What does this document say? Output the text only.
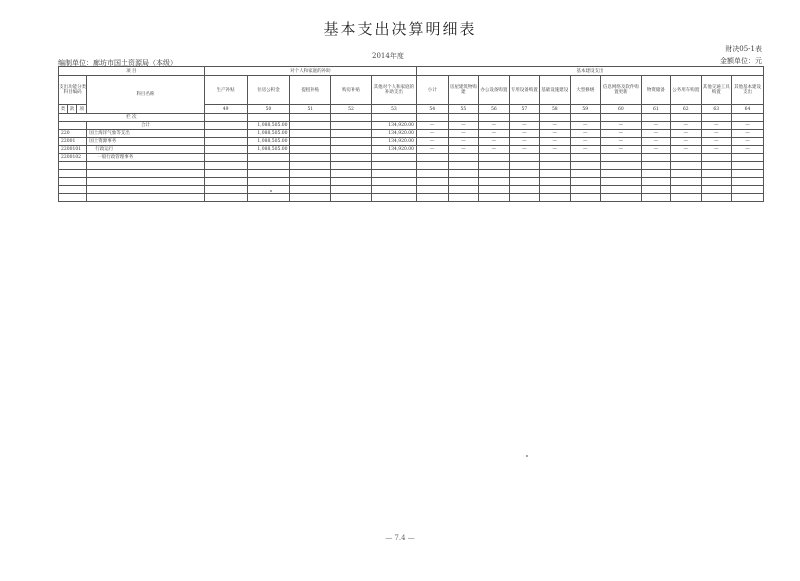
基本支出决算明细表
2014年度
编制单位：廊坊市国土资源局（本级）
财决05-1表
金额单位：元
项 目				对个人和家庭的补助					基本建设支出										
支出功能分类科目编码			科目名称	生产补贴	住房公积金	提租补贴	购房补贴	其他对个人和家庭的补助支出	小计	房屋建筑物购建	办公设备购置	专用设备购置	基础设施建设	大型修缮	信息网络及软件购置更新	物资储备	公务用车购置	其他交通工具购置	其他基本建设支出
类	款	项		49	50	51	52	53	54	55	56	57	58	59	60	61	62	63	64
栏 次																			
			合计		1,088,505.00			134,920.00	—	—	—	—	—	—	—	—	—	—	—
220			国土海洋气象等支出		1,088,505.00			134,920.00	—	—	—	—	—	—	—	—	—	—	—
22001			国土资源事务		1,088,505.00			134,920.00	—	—	—	—	—	—	—	—	—	—	—
2200101			行政运行		1,088,505.00			134,920.00	—	—	—	—	—	—	—	—	—	—	—
2200102			一般行政管理事务																

— 7.4 —
